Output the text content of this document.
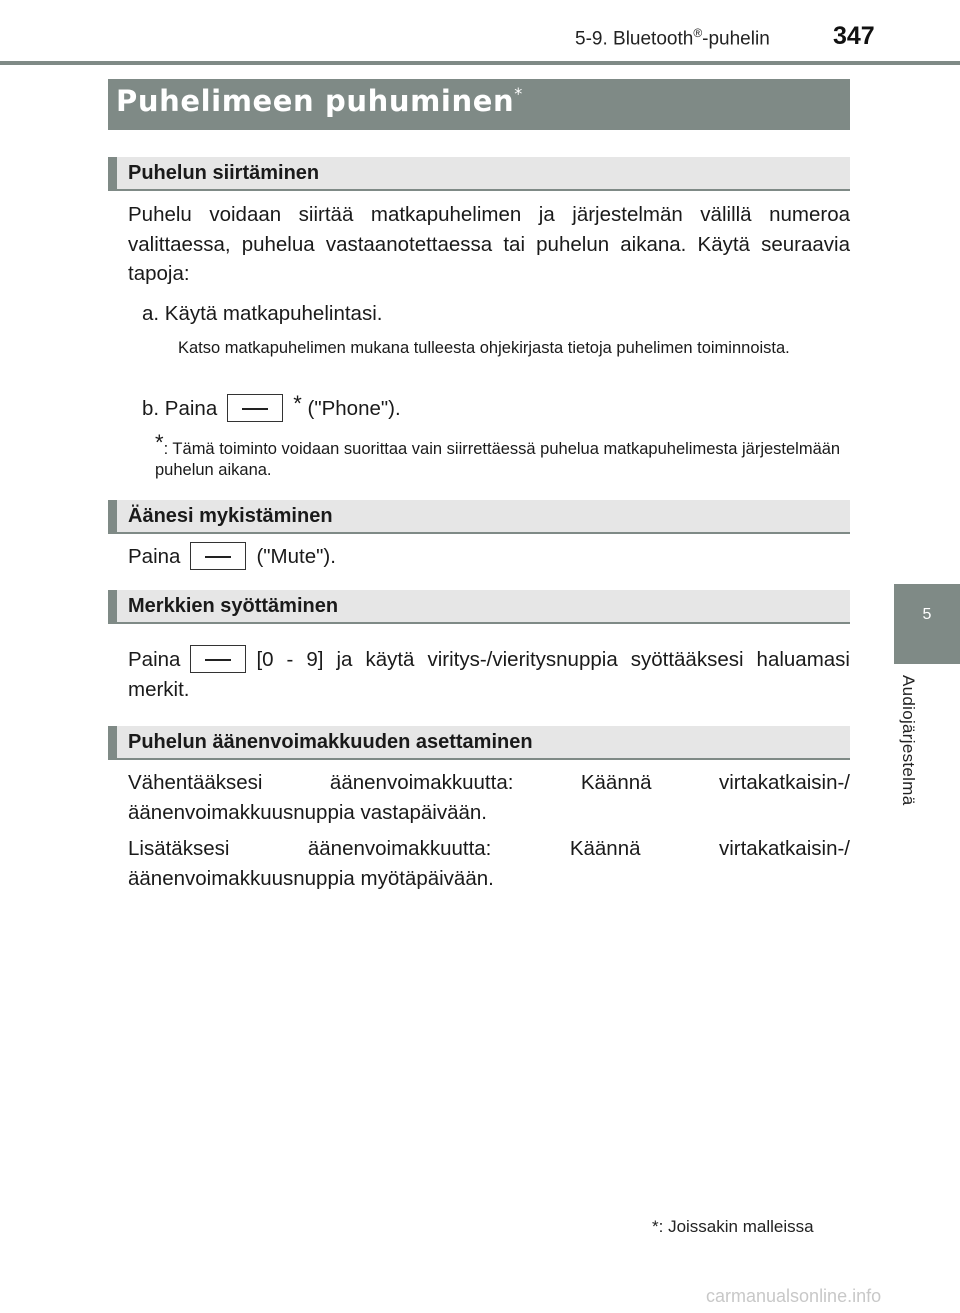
5-9. Bluetooth®-puhelin	347
5
Audiojärjestelmä
Puhelimeen puhuminen*
Puhelun siirtäminen

Puhelu voidaan siirtää matkapuhelimen ja järjestelmän välillä numeroa valittaessa, puhelua vastaanotettaessa tai puhelun aikana. Käytä seuraavia tapoja:

a. Käytä matkapuhelintasi.

Katso matkapuhelimen mukana tulleesta ohjekirjasta tietoja puhelimen toiminnoista.

b. Paina	* ("Phone").

*: Tämä toiminto voidaan suorittaa vain siirrettäessä puhelua matkapuhelimesta järjestelmään puhelun aikana.

Äänesi mykistäminen

Paina	("Mute").

Merkkien syöttäminen

Paina	[0 - 9] ja käytä viritys-/vieritysnuppia syöttääksesi haluamasi merkit.

Puhelun äänenvoimakkuuden asettaminen

Vähentääksesi äänenvoimakkuutta: Käännä virtakatkaisin-/äänenvoimakkuusnuppia vastapäivään.

Lisätäksesi äänenvoimakkuutta: Käännä virtakatkaisin-/äänenvoimakkuusnuppia myötäpäivään.

*: Joissakin malleissa
carmanualsonline.info
